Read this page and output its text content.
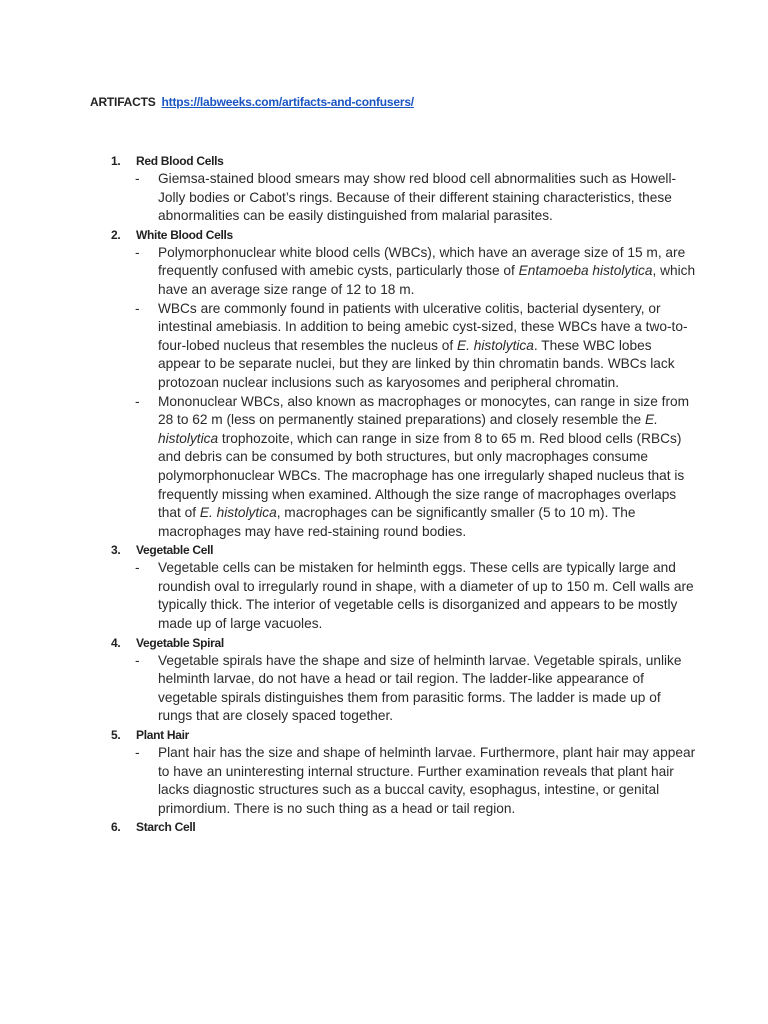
ARTIFACTS https://labweeks.com/artifacts-and-confusers/
1. Red Blood Cells
- Giemsa-stained blood smears may show red blood cell abnormalities such as Howell-Jolly bodies or Cabot’s rings. Because of their different staining characteristics, these abnormalities can be easily distinguished from malarial parasites.
2. White Blood Cells
- Polymorphonuclear white blood cells (WBCs), which have an average size of 15 m, are frequently confused with amebic cysts, particularly those of Entamoeba histolytica, which have an average size range of 12 to 18 m.
- WBCs are commonly found in patients with ulcerative colitis, bacterial dysentery, or intestinal amebiasis. In addition to being amebic cyst-sized, these WBCs have a two-to-four-lobed nucleus that resembles the nucleus of E. histolytica. These WBC lobes appear to be separate nuclei, but they are linked by thin chromatin bands. WBCs lack protozoan nuclear inclusions such as karyosomes and peripheral chromatin.
- Mononuclear WBCs, also known as macrophages or monocytes, can range in size from 28 to 62 m (less on permanently stained preparations) and closely resemble the E. histolytica trophozoite, which can range in size from 8 to 65 m. Red blood cells (RBCs) and debris can be consumed by both structures, but only macrophages consume polymorphonuclear WBCs. The macrophage has one irregularly shaped nucleus that is frequently missing when examined. Although the size range of macrophages overlaps that of E. histolytica, macrophages can be significantly smaller (5 to 10 m). The macrophages may have red-staining round bodies.
3. Vegetable Cell
- Vegetable cells can be mistaken for helminth eggs. These cells are typically large and roundish oval to irregularly round in shape, with a diameter of up to 150 m. Cell walls are typically thick. The interior of vegetable cells is disorganized and appears to be mostly made up of large vacuoles.
4. Vegetable Spiral
- Vegetable spirals have the shape and size of helminth larvae. Vegetable spirals, unlike helminth larvae, do not have a head or tail region. The ladder-like appearance of vegetable spirals distinguishes them from parasitic forms. The ladder is made up of rungs that are closely spaced together.
5. Plant Hair
- Plant hair has the size and shape of helminth larvae. Furthermore, plant hair may appear to have an uninteresting internal structure. Further examination reveals that plant hair lacks diagnostic structures such as a buccal cavity, esophagus, intestine, or genital primordium. There is no such thing as a head or tail region.
6. Starch Cell
